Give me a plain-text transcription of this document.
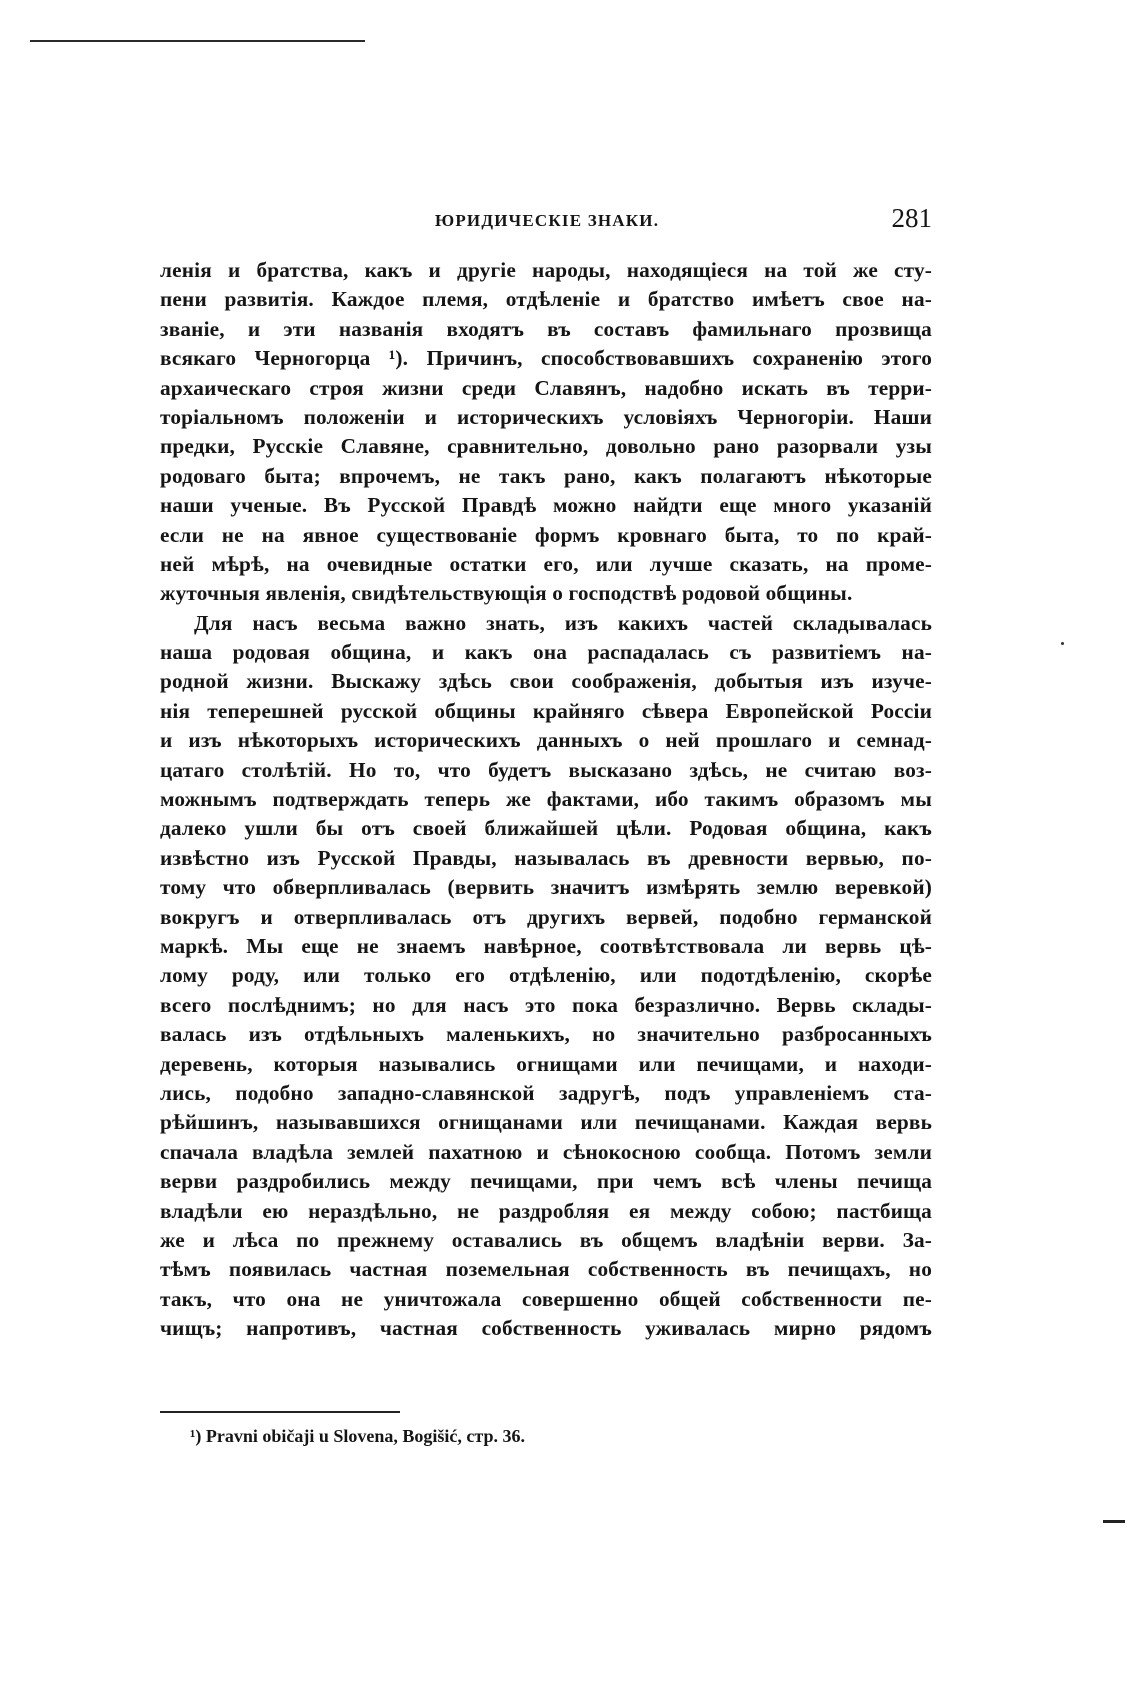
ЮРИДИЧЕСКІЕ ЗНАКИ.	281
ленія и братства, какъ и другіе народы, находящіеся на той же сту-
пени развитія. Каждое племя, отдѣленіе и братство имѣетъ свое на-
званіе, и эти названія входятъ въ составъ фамильнаго прозвища
всякаго Черногорца ¹). Причинъ, способствовавшихъ сохраненію этого
архаическаго строя жизни среди Славянъ, надобно искать въ терри-
торіальномъ положеніи и историческихъ условіяхъ Черногоріи. Наши
предки, Русскіе Славяне, сравнительно, довольно рано разорвали узы
родоваго быта; впрочемъ, не такъ рано, какъ полагаютъ нѣкоторые
наши ученые. Въ Русской Правдѣ можно найдти еще много указаній
если не на явное существованіе формъ кровнаго быта, то по край-
ней мѣрѣ, на очевидные остатки его, или лучше сказать, на проме-
жуточныя явленія, свидѣтельствующія о господствѣ родовой общины.
Для насъ весьма важно знать, изъ какихъ частей складывалась
наша родовая община, и какъ она распадалась съ развитіемъ на-
родной жизни. Выскажу здѣсь свои соображенія, добытыя изъ изуче-
нія теперешней русской общины крайняго сѣвера Европейской Россіи
и изъ нѣкоторыхъ историческихъ данныхъ о ней прошлаго и семнад-
цатаго столѣтій. Но то, что будетъ высказано здѣсь, не считаю воз-
можнымъ подтверждать теперь же фактами, ибо такимъ образомъ мы
далеко ушли бы отъ своей ближайшей цѣли. Родовая община, какъ
извѣстно изъ Русской Правды, называлась въ древности вервью, по-
тому что обверпливалась (вервить значитъ измѣрять землю веревкой)
вокругъ и отверпливалась отъ другихъ вервей, подобно германской
маркѣ. Мы еще не знаемъ навѣрное, соотвѣтствовала ли вервь цѣ-
лому роду, или только его отдѣленію, или подотдѣленію, скорѣе
всего послѣднимъ; но для насъ это пока безразлично. Вервь склады-
валась изъ отдѣльныхъ маленькихъ, но значительно разбросанныхъ
деревень, которыя назывались огнищами или печищами, и находи-
лись, подобно западно-славянской задругѣ, подъ управленіемъ ста-
рѣйшинъ, называвшихся огнищанами или печищанами. Каждая вервь
спачала владѣла землей пахатною и сѣнокосною сообща. Потомъ земли
верви раздробились между печищами, при чемъ всѣ члены печища
владѣли ею нераздѣльно, не раздробляя ея между собою; пастбища
же и лѣса по прежнему оставались въ общемъ владѣніи верви. За-
тѣмъ появилась частная поземельная собственность въ печищахъ, но
такъ, что она не уничтожала совершенно общей собственности пе-
чищъ; напротивъ, частная собственность уживалась мирно рядомъ
¹) Pravni običaji u Slovena, Bogišić, стр. 36.
